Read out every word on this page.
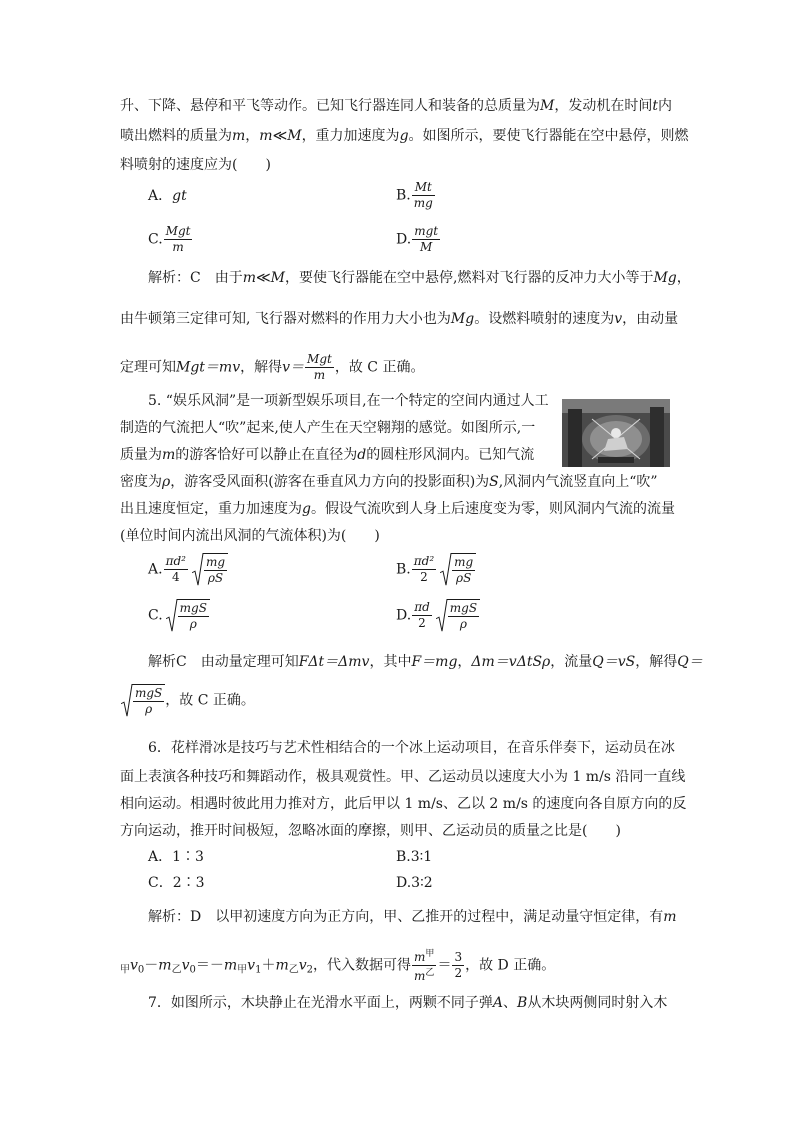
升、下降、悬停和平飞等动作。已知飞行器连同人和装备的总质量为M，发动机在时间t内
喷出燃料的质量为m，m≪M，重力加速度为g。如图所示，要使飞行器能在空中悬停，则燃
料喷射的速度应为(　　)
A．gt	B. $\frac{Mt}{mg}$
C. $\frac{\text{Mgt}}{m}$	D. $\frac{\text{mgt}}{M}$
解析：C　由于m≪M，要使飞行器能在空中悬停,燃料对飞行器的反冲力大小等于Mg，
由牛顿第三定律可知, 飞行器对燃料的作用力大小也为Mg。设燃料喷射的速度为v，由动量
定理可知Mgt＝mv，解得$v= \frac{\text{Mgt}}{m}$ ，故 C 正确。
5. “娱乐风洞”是一项新型娱乐项目,在一个特定的空间内通过人工
制造的气流把人“吹”起来,使人产生在天空翱翔的感觉。如图所示,一
质量为m的游客恰好可以静止在直径为d的圆柱形风洞内。已知气流
密度为ρ，游客受风面积(游客在垂直风力方向的投影面积)为S,风洞内气流竖直向上“吹”
出且速度恒定，重力加速度为g。假设气流吹到人身上后速度变为零，则风洞内气流的流量
(单位时间内流出风洞的气流体积)为(　　)
A. $\frac{\text{πd²}}{4} \frac{mg}{\rho S}$	B. $\frac{\text{πd²}}{2} \frac{mg}{\rho S}$
C. $\frac{\text{mgS}}{\rho}$	D. $\frac{\pi d}{2} \frac{\text{mgS}}{\rho}$
解析C　由动量定理可知FΔt＝Δmv，其中F＝mg，Δm＝vΔtSρ，流量Q＝vS，解得Q＝
$\frac{\text{mgS}}{\rho}$ ，故 C 正确。
6．花样滑冰是技巧与艺术性相结合的一个冰上运动项目，在音乐伴奏下，运动员在冰
面上表演各种技巧和舞蹈动作，极具观赏性。甲、乙运动员以速度大小为 1 m/s 沿同一直线
相向运动。相遇时彼此用力推对方，此后甲以 1 m/s、乙以 2 m/s 的速度向各自原方向的反
方向运动，推开时间极短，忽略冰面的摩擦，则甲、乙运动员的质量之比是(　　)
A．1∶3	B.3∶1
C．2∶3	D.3∶2
解析：D　以甲初速度方向为正方向，甲、乙推开的过程中，满足动量守恒定律，有m
$_甲v_0-m_乙v_0=-m_甲v_1+m_乙v_2$，代入数据可得 $\frac{m^甲}{m^乙} = \frac{3}{2}$ ，故 D 正确。
7．如图所示，木块静止在光滑水平面上，两颗不同子弹A、B从木块两侧同时射入木
